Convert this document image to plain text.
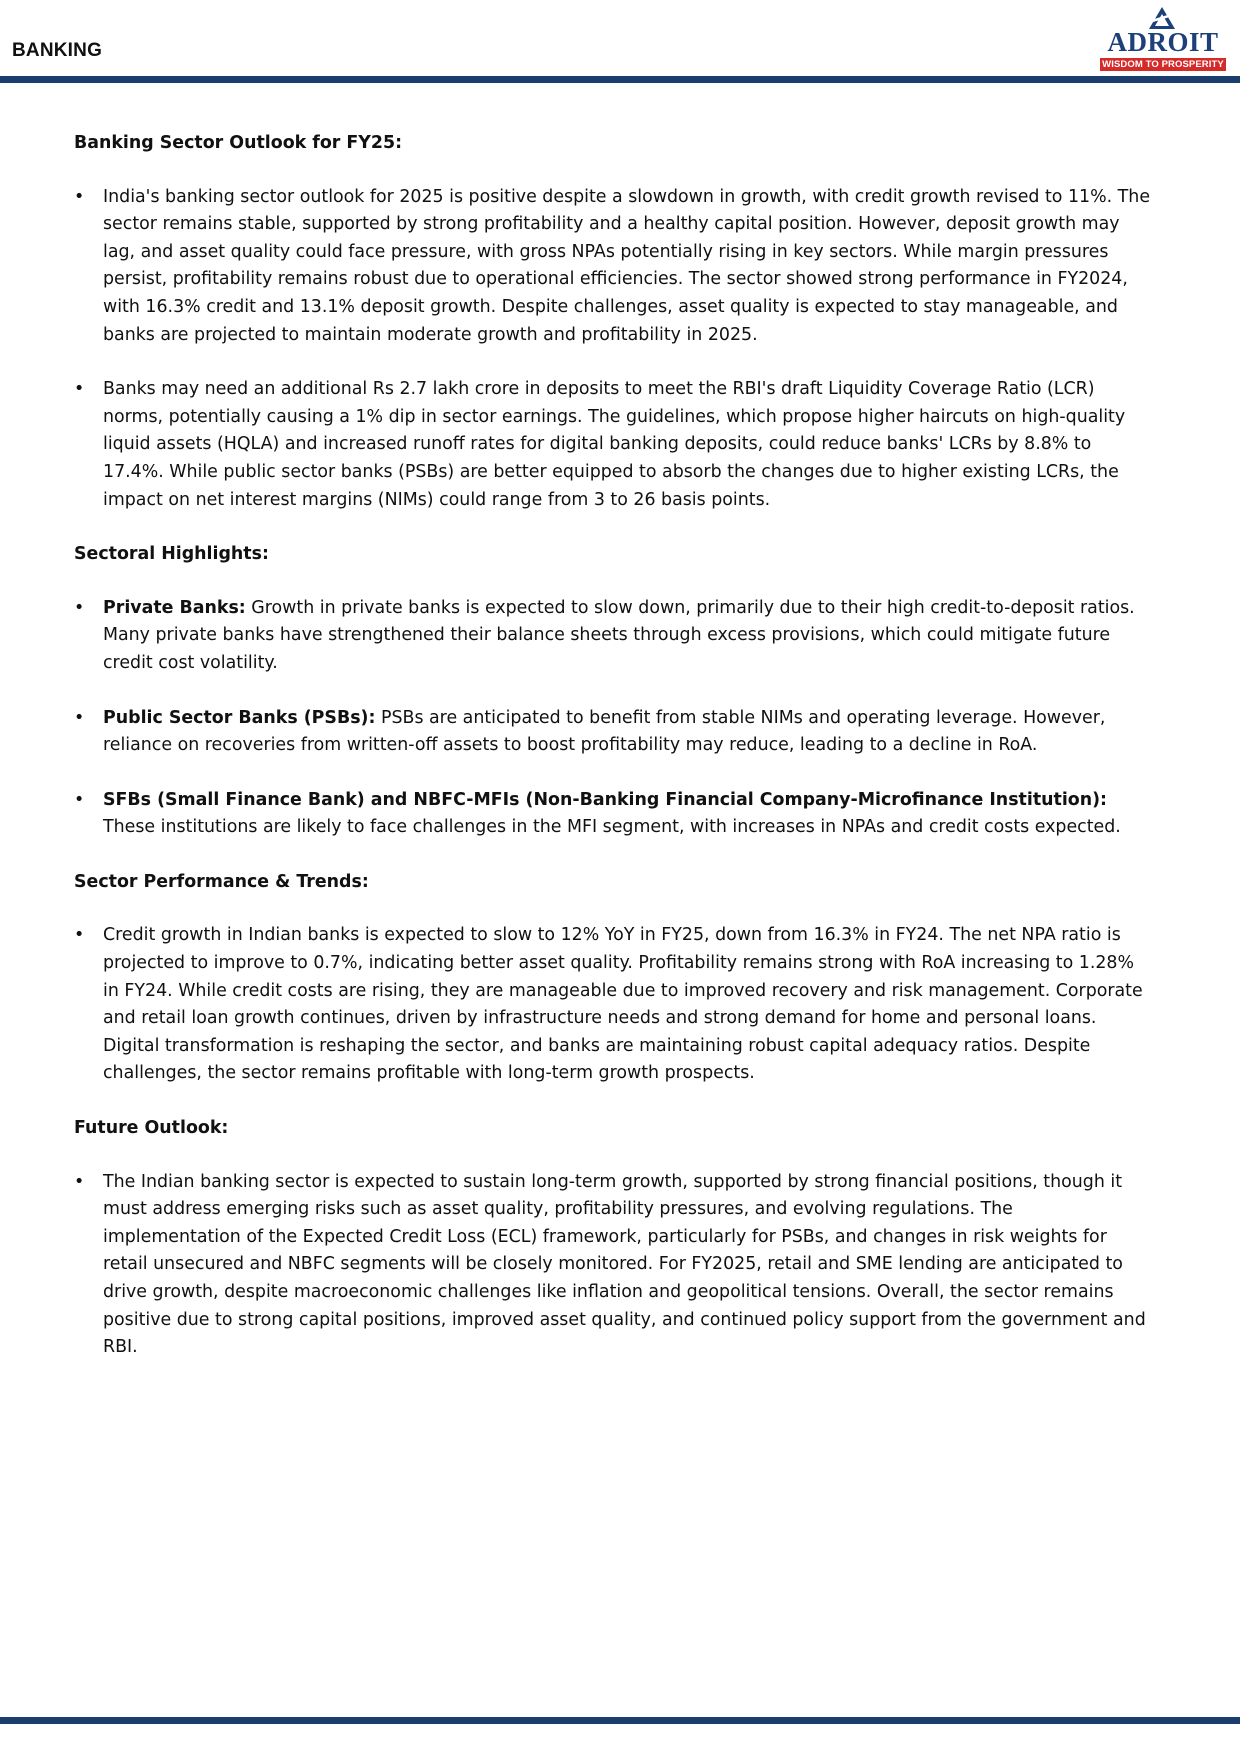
BANKING	ADROIT
WISDOM TO PROSPERITY
Banking Sector Outlook for FY25:
• India's banking sector outlook for 2025 is positive despite a slowdown in growth, with credit growth revised to 11%. The sector remains stable, supported by strong profitability and a healthy capital position. However, deposit growth may lag, and asset quality could face pressure, with gross NPAs potentially rising in key sectors. While margin pressures persist, profitability remains robust due to operational efficiencies. The sector showed strong performance in FY2024, with 16.3% credit and 13.1% deposit growth. Despite challenges, asset quality is expected to stay manageable, and banks are projected to maintain moderate growth and profitability in 2025.
• Banks may need an additional Rs 2.7 lakh crore in deposits to meet the RBI's draft Liquidity Coverage Ratio (LCR) norms, potentially causing a 1% dip in sector earnings. The guidelines, which propose higher haircuts on high-quality liquid assets (HQLA) and increased runoff rates for digital banking deposits, could reduce banks' LCRs by 8.8% to 17.4%. While public sector banks (PSBs) are better equipped to absorb the changes due to higher existing LCRs, the impact on net interest margins (NIMs) could range from 3 to 26 basis points.
Sectoral Highlights:
• Private Banks: Growth in private banks is expected to slow down, primarily due to their high credit-to-deposit ratios. Many private banks have strengthened their balance sheets through excess provisions, which could mitigate future credit cost volatility.
• Public Sector Banks (PSBs): PSBs are anticipated to benefit from stable NIMs and operating leverage. However, reliance on recoveries from written-off assets to boost profitability may reduce, leading to a decline in RoA.
• SFBs (Small Finance Bank) and NBFC-MFIs (Non-Banking Financial Company-Microfinance Institution): These institutions are likely to face challenges in the MFI segment, with increases in NPAs and credit costs expected.
Sector Performance & Trends:
• Credit growth in Indian banks is expected to slow to 12% YoY in FY25, down from 16.3% in FY24. The net NPA ratio is projected to improve to 0.7%, indicating better asset quality. Profitability remains strong with RoA increasing to 1.28% in FY24. While credit costs are rising, they are manageable due to improved recovery and risk management. Corporate and retail loan growth continues, driven by infrastructure needs and strong demand for home and personal loans. Digital transformation is reshaping the sector, and banks are maintaining robust capital adequacy ratios. Despite challenges, the sector remains profitable with long-term growth prospects.
Future Outlook:
• The Indian banking sector is expected to sustain long-term growth, supported by strong financial positions, though it must address emerging risks such as asset quality, profitability pressures, and evolving regulations. The implementation of the Expected Credit Loss (ECL) framework, particularly for PSBs, and changes in risk weights for retail unsecured and NBFC segments will be closely monitored. For FY2025, retail and SME lending are anticipated to drive growth, despite macroeconomic challenges like inflation and geopolitical tensions. Overall, the sector remains positive due to strong capital positions, improved asset quality, and continued policy support from the government and RBI.
